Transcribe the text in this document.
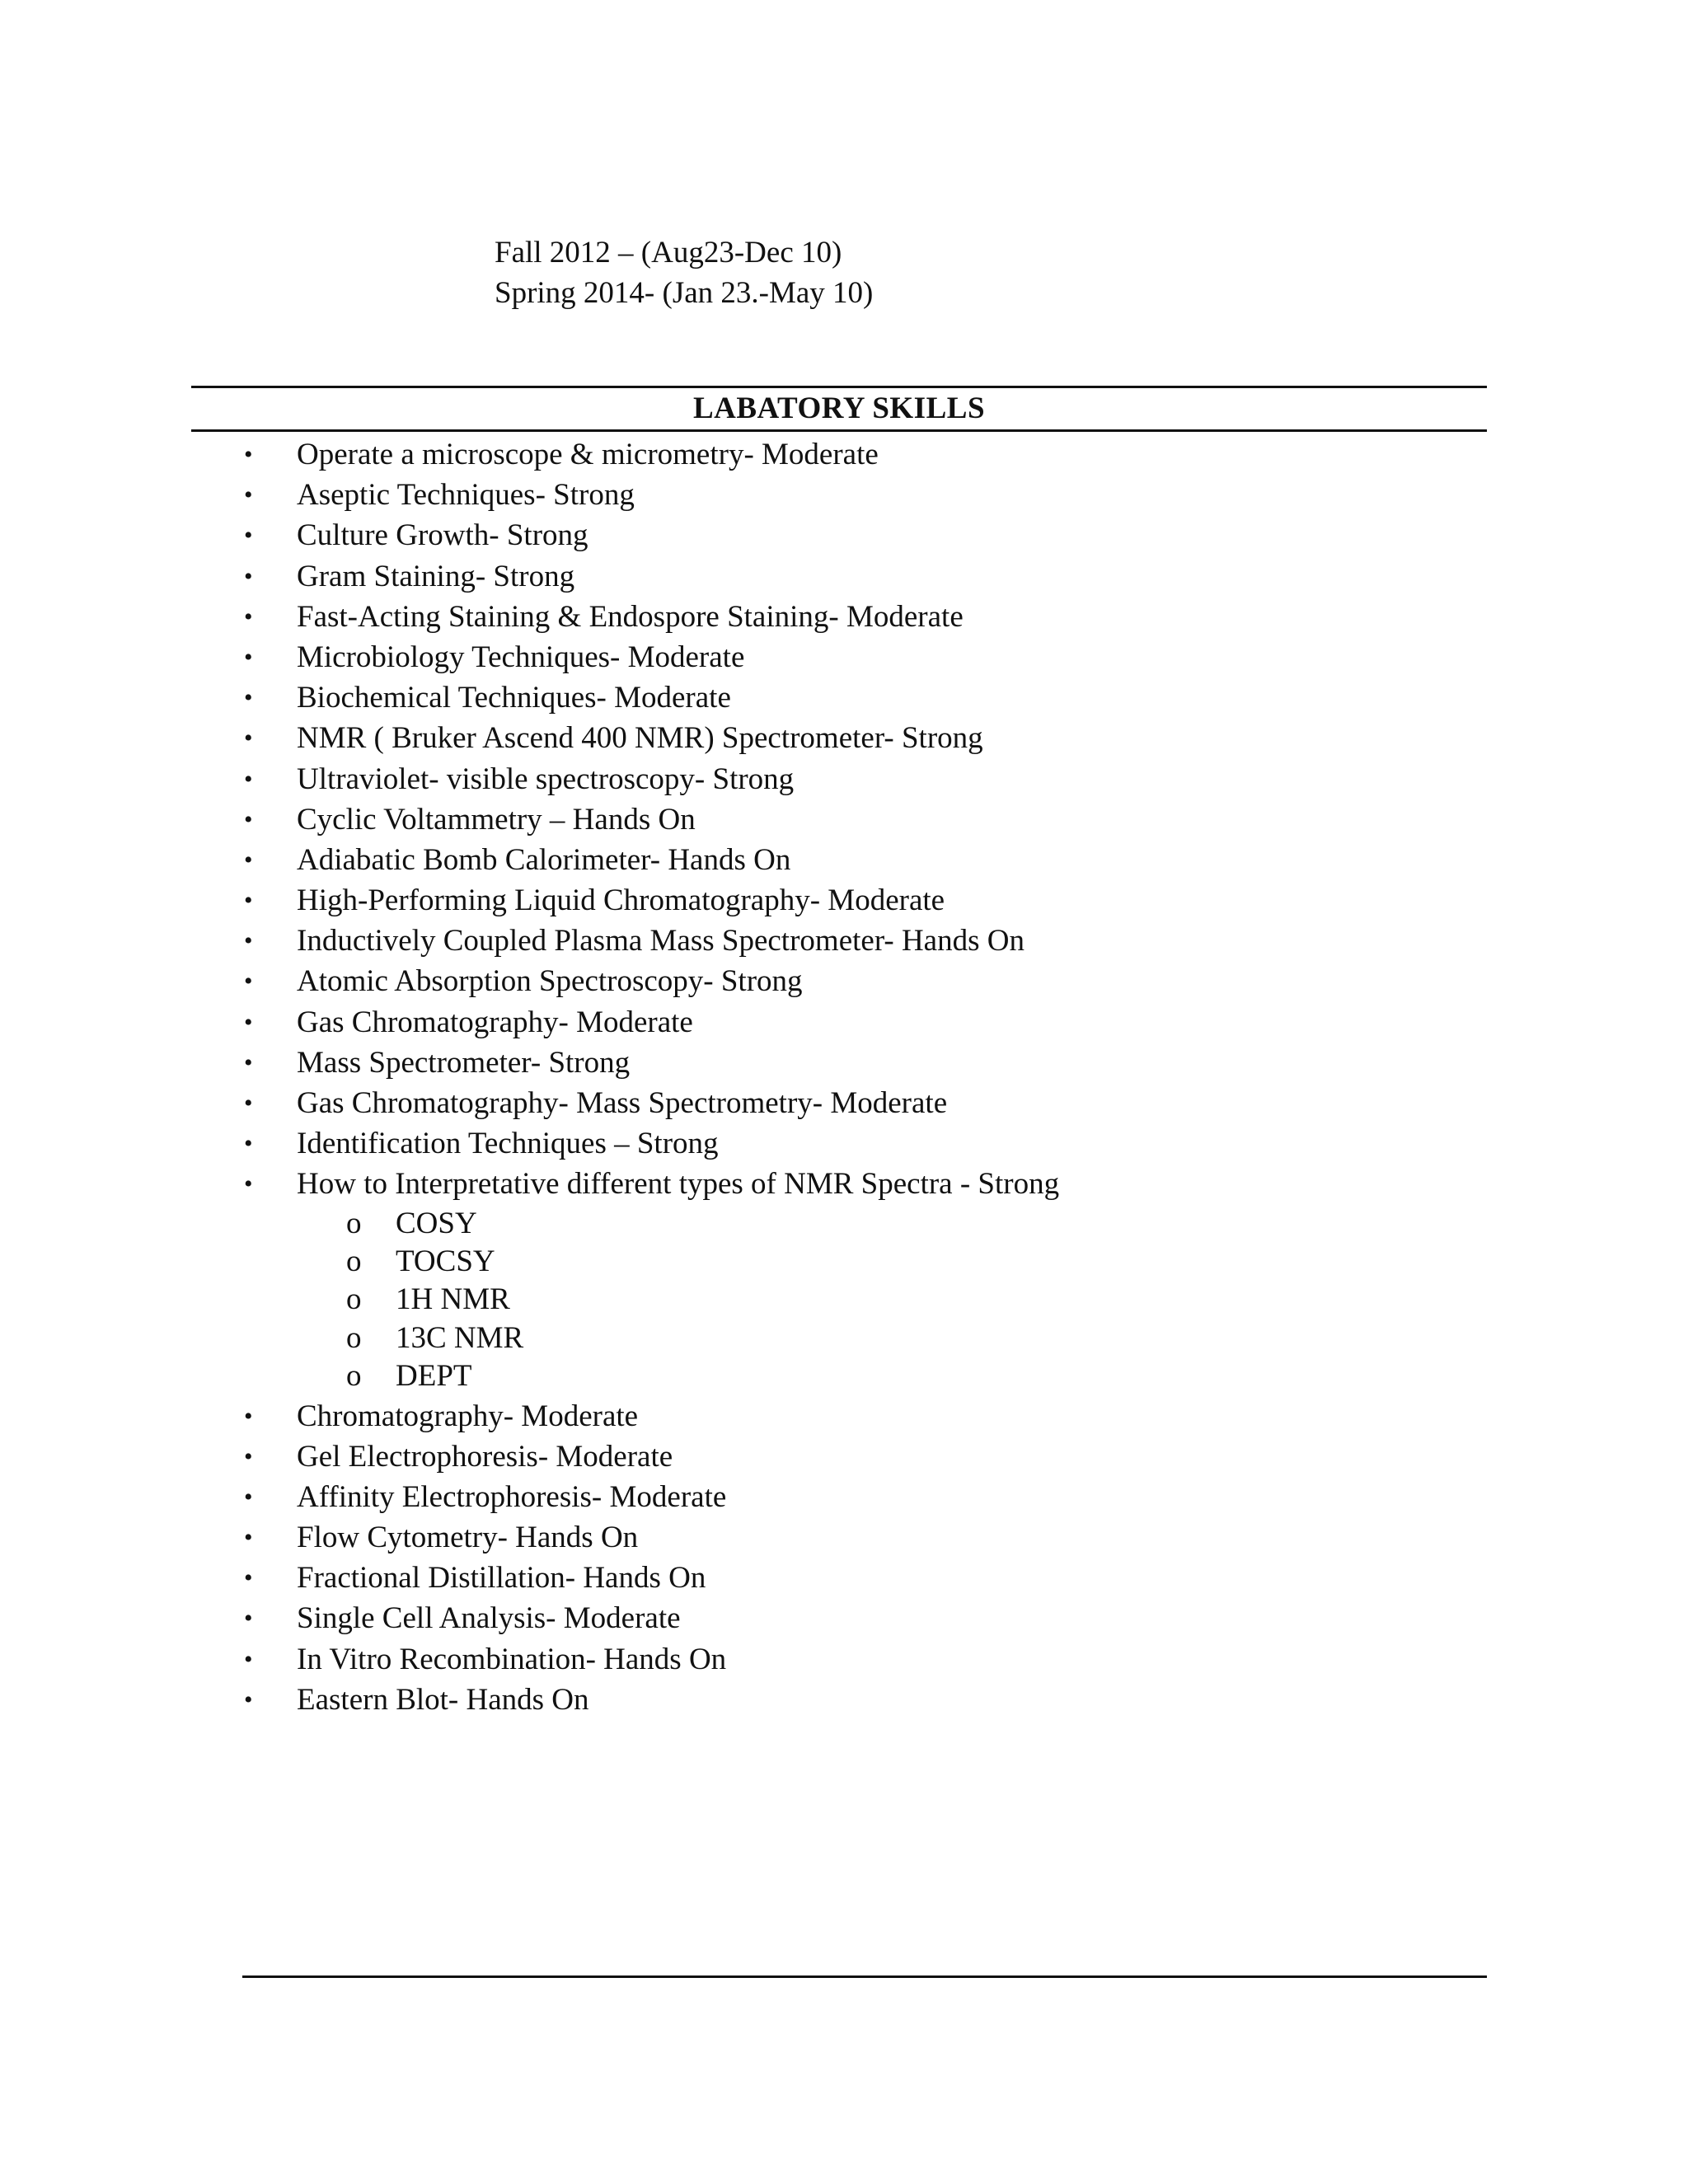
Fall 2012 – (Aug23-Dec 10)
Spring 2014- (Jan 23.-May 10)
LABATORY SKILLS
• Operate a microscope & micrometry- Moderate
• Aseptic Techniques- Strong
• Culture Growth- Strong
• Gram Staining- Strong
• Fast-Acting Staining & Endospore Staining- Moderate
• Microbiology Techniques- Moderate
• Biochemical Techniques- Moderate
• NMR ( Bruker Ascend 400 NMR) Spectrometer- Strong
• Ultraviolet- visible spectroscopy- Strong
• Cyclic Voltammetry – Hands On
• Adiabatic Bomb Calorimeter- Hands On
• High-Performing Liquid Chromatography- Moderate
• Inductively Coupled Plasma Mass Spectrometer- Hands On
• Atomic Absorption Spectroscopy- Strong
• Gas Chromatography- Moderate
• Mass Spectrometer- Strong
• Gas Chromatography- Mass Spectrometry- Moderate
• Identification Techniques – Strong
• How to Interpretative different types of NMR Spectra - Strong
o COSY
o TOCSY
o 1H NMR
o 13C NMR
o DEPT
• Chromatography- Moderate
• Gel Electrophoresis- Moderate
• Affinity Electrophoresis- Moderate
• Flow Cytometry- Hands On
• Fractional Distillation- Hands On
• Single Cell Analysis- Moderate
• In Vitro Recombination- Hands On
• Eastern Blot- Hands On
